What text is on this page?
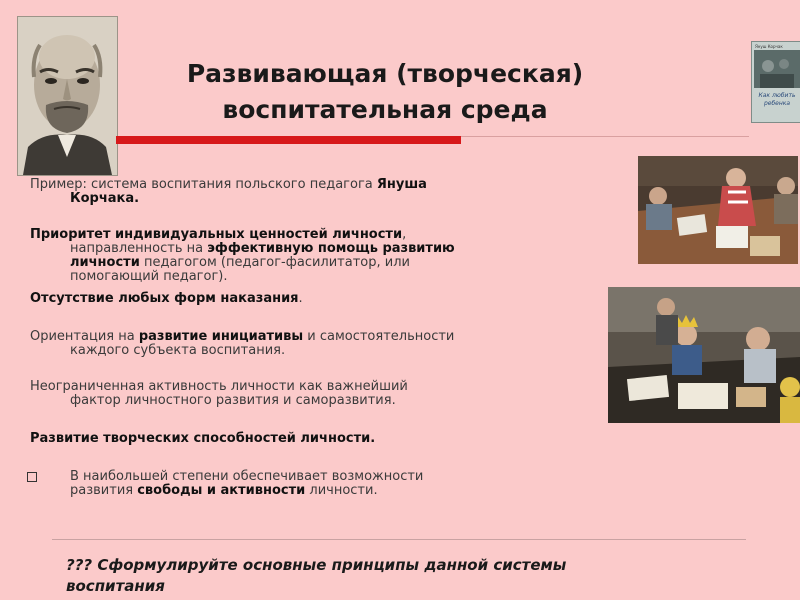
Развивающая (творческая)
воспитательная среда
Януш Корчак
Как любить
ребенка
Пример: система воспитания польского педагога Януша
Корчака.
Приоритет индивидуальных ценностей личности,
направленность на эффективную помощь развитию
личности педагогом (педагог-фасилитатор, или
помогающий педагог).
Отсутствие любых форм наказания.
Ориентация на развитие инициативы и самостоятельности
каждого субъекта воспитания.
Неограниченная активность личности как важнейший
фактор личностного развития и саморазвития.
Развитие творческих способностей личности.
В наибольшей степени обеспечивает возможности
развития свободы и активности личности.
??? Сформулируйте основные принципы данной системы
воспитания
